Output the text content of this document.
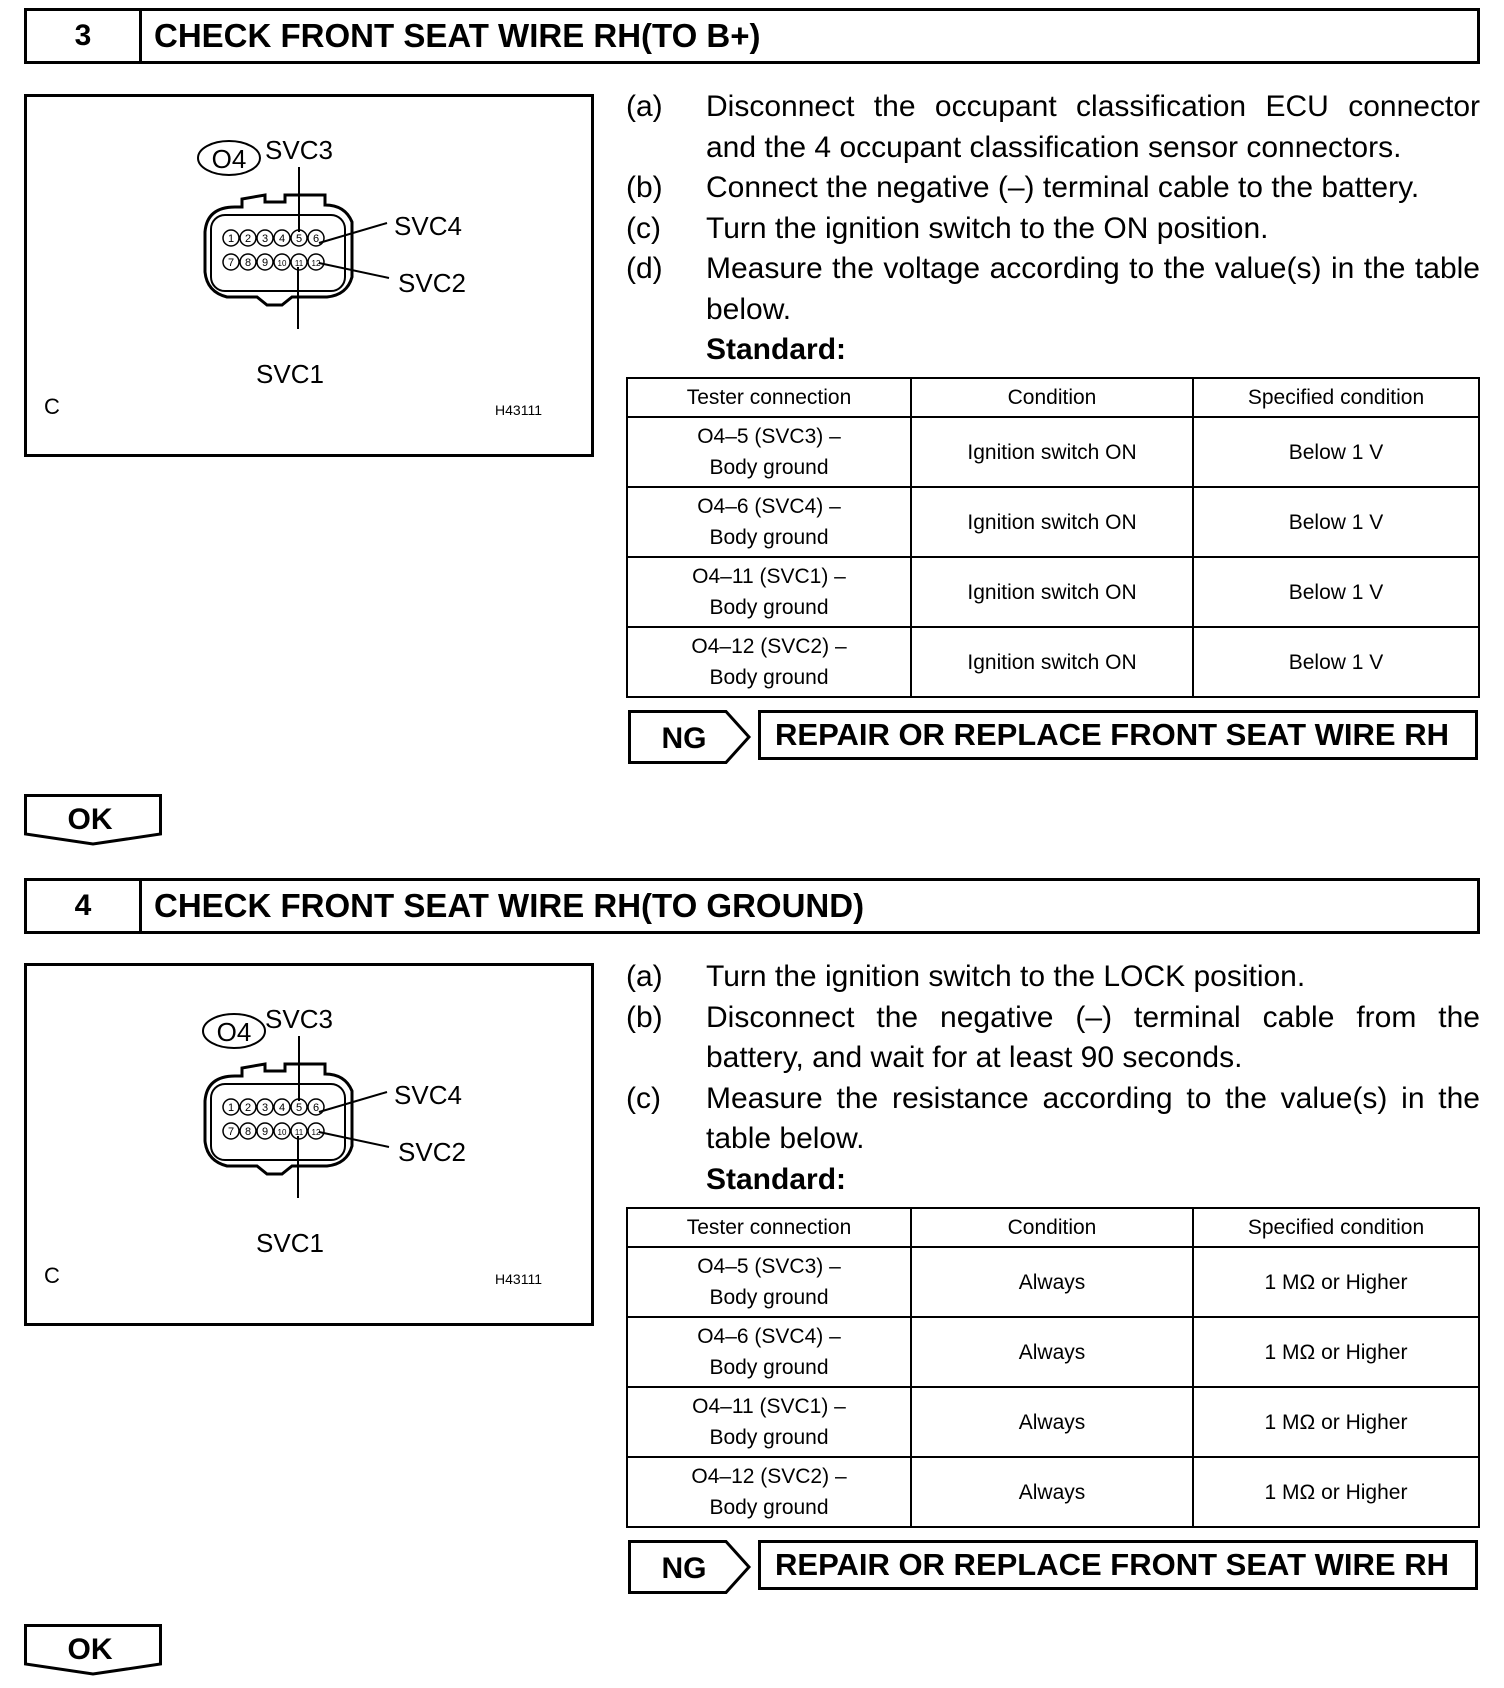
3	CHECK FRONT SEAT WIRE RH(TO B+)
O4 SVC3
SVC4
SVC2
SVC1
1 2 3 4 5 6
7 8 9 10 11 12
C	H43111
(a)	Disconnect the occupant classification ECU connector and the 4 occupant classification sensor connectors.
(b)	Connect the negative (–) terminal cable to the battery.
(c)	Turn the ignition switch to the ON position.
(d)	Measure the voltage according to the value(s) in the table below.
Standard:
Tester connection	Condition	Specified condition

O4–5 (SVC3) –
Body ground	Ignition switch ON	Below 1 V

O4–6 (SVC4) –
Body ground	Ignition switch ON	Below 1 V

O4–11 (SVC1) –
Body ground	Ignition switch ON	Below 1 V

O4–12 (SVC2) –
Body ground	Ignition switch ON	Below 1 V
NG REPAIR OR REPLACE FRONT SEAT WIRE RH
OK
4	CHECK FRONT SEAT WIRE RH(TO GROUND)
O4 SVC3
SVC4
SVC2
SVC1
1 2 3 4 5 6
7 8 9 10 11 12
C	H43111
(a)	Turn the ignition switch to the LOCK position.
(b)	Disconnect the negative (–) terminal cable from the battery, and wait for at least 90 seconds.
(c)	Measure the resistance according to the value(s) in the table below.
Standard:
Tester connection	Condition	Specified condition

O4–5 (SVC3) –
Body ground	Always	1 MΩ or Higher

O4–6 (SVC4) –
Body ground	Always	1 MΩ or Higher

O4–11 (SVC1) –
Body ground	Always	1 MΩ or Higher

O4–12 (SVC2) –
Body ground	Always	1 MΩ or Higher
NG REPAIR OR REPLACE FRONT SEAT WIRE RH
OK
